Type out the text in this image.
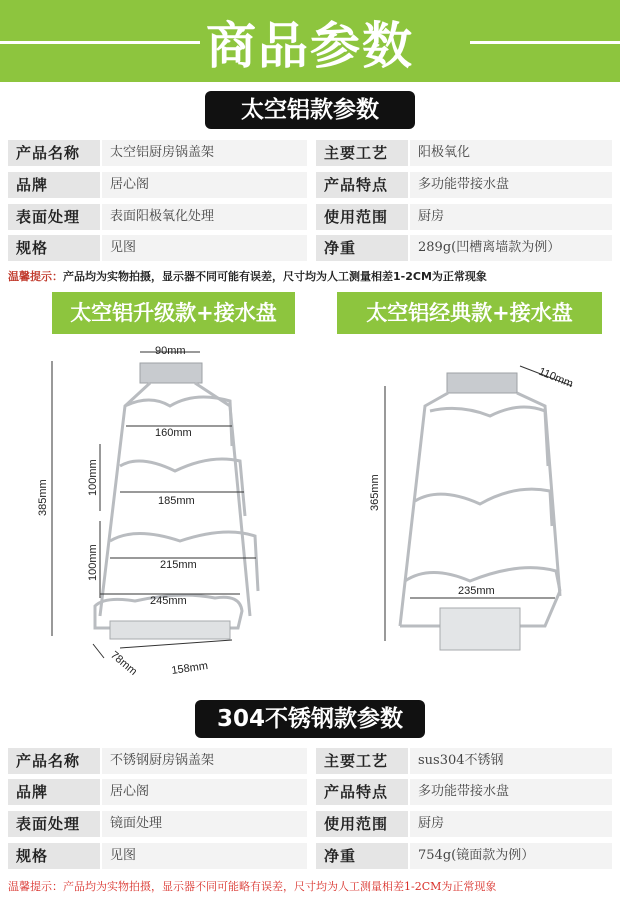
商品参数
太空铝款参数
产品名称	太空铝厨房锅盖架	主要工艺	阳极氧化
品牌	居心阁	产品特点	多功能带接水盘
表面处理	表面阳极氧化处理	使用范围	厨房
规格	见图	净重	289g(凹槽离墙款为例）
温馨提示：产品均为实物拍摄，显示器不同可能有误差，尺寸均为人工测量相差1-2CM为正常现象
太空铝升级款+接水盘	太空铝经典款+接水盘
90mm
385mm
160mm
100mm
185mm
100mm	215mm
245mm
78mm	158mm
110mm
365mm
235mm
304不锈钢款参数
产品名称	不锈钢厨房锅盖架	主要工艺	sus304不锈钢
品牌	居心阁	产品特点	多功能带接水盘
表面处理	镜面处理	使用范围	厨房
规格	见图	净重	754g(镜面款为例）
温馨提示：产品均为实物拍摄，显示器不同可能略有误差，尺寸均为人工测量相差1-2CM为正常现象
